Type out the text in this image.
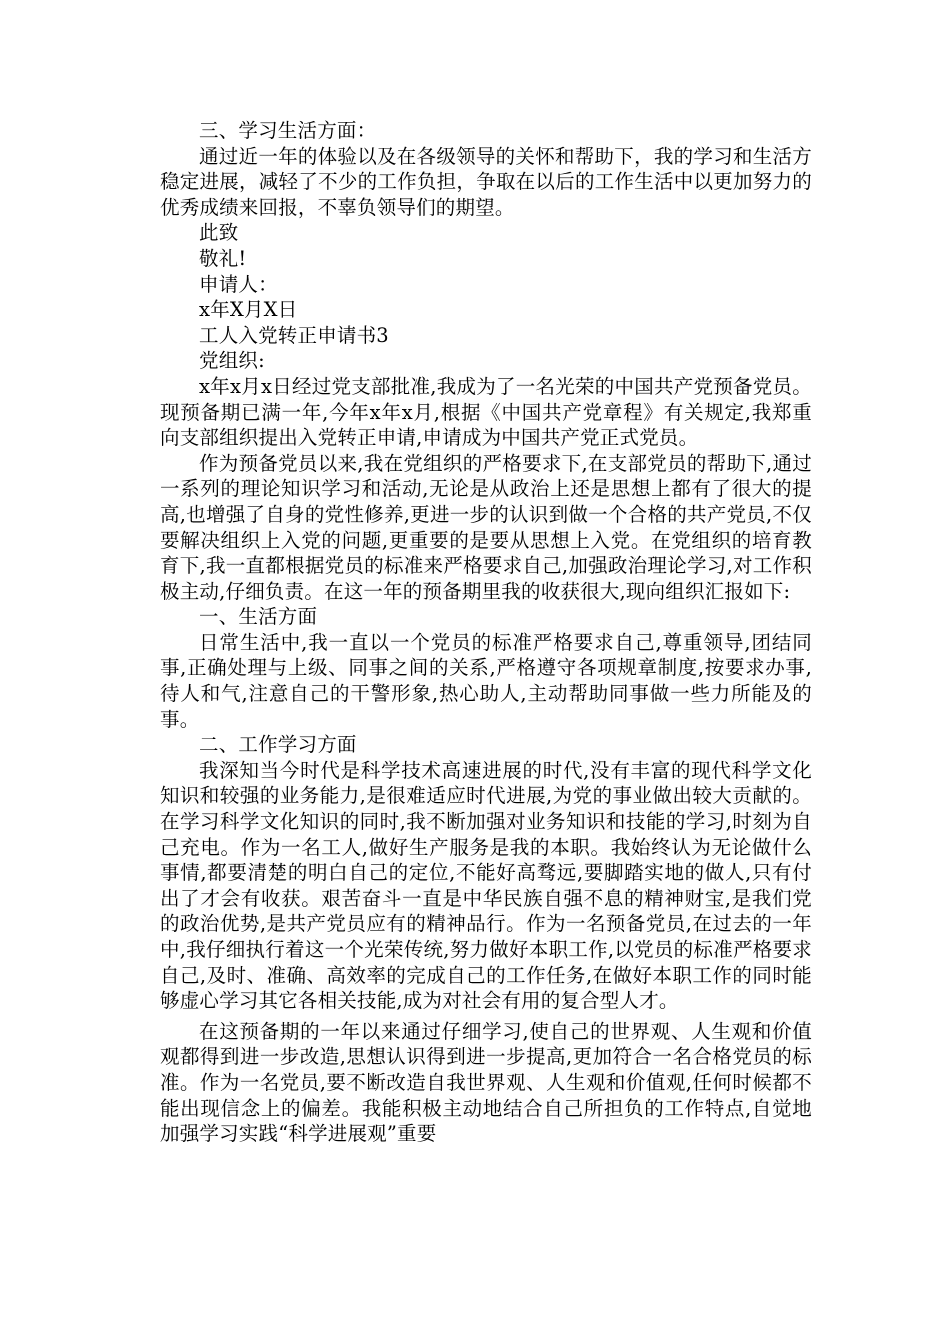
三、学习生活方面：

通过近一年的体验以及在各级领导的关怀和帮助下，我的学习和生活方稳定进展，减轻了不少的工作负担，争取在以后的工作生活中以更加努力的优秀成绩来回报，不辜负领导们的期望。

此致

敬礼!

申请人：

x年X月X日

工人入党转正申请书3

党组织:

x年x月x日经过党支部批准,我成为了一名光荣的中国共产党预备党员。现预备期已满一年,今年x年x月,根据《中国共产党章程》有关规定,我郑重向支部组织提出入党转正申请,申请成为中国共产党正式党员。

作为预备党员以来,我在党组织的严格要求下,在支部党员的帮助下,通过一系列的理论知识学习和活动,无论是从政治上还是思想上都有了很大的提高,也增强了自身的党性修养,更进一步的认识到做一个合格的共产党员,不仅要解决组织上入党的问题,更重要的是要从思想上入党。在党组织的培育教育下,我一直都根据党员的标准来严格要求自己,加强政治理论学习,对工作积极主动,仔细负责。在这一年的预备期里我的收获很大,现向组织汇报如下:

一、生活方面

日常生活中,我一直以一个党员的标准严格要求自己,尊重领导,团结同事,正确处理与上级、同事之间的关系,严格遵守各项规章制度,按要求办事,待人和气,注意自己的干警形象,热心助人,主动帮助同事做一些力所能及的事。

二、工作学习方面

我深知当今时代是科学技术高速进展的时代,没有丰富的现代科学文化知识和较强的业务能力,是很难适应时代进展,为党的事业做出较大贡献的。在学习科学文化知识的同时,我不断加强对业务知识和技能的学习,时刻为自己充电。作为一名工人,做好生产服务是我的本职。我始终认为无论做什么事情,都要清楚的明白自己的定位,不能好高骛远,要脚踏实地的做人,只有付出了才会有收获。艰苦奋斗一直是中华民族自强不息的精神财宝,是我们党的政治优势,是共产党员应有的精神品行。作为一名预备党员,在过去的一年中,我仔细执行着这一个光荣传统,努力做好本职工作,以党员的标准严格要求自己,及时、准确、高效率的完成自己的工作任务,在做好本职工作的同时能够虚心学习其它各相关技能,成为对社会有用的复合型人才。

在这预备期的一年以来通过仔细学习,使自己的世界观、人生观和价值观都得到进一步改造,思想认识得到进一步提高,更加符合一名合格党员的标准。作为一名党员,要不断改造自我世界观、人生观和价值观,任何时候都不能出现信念上的偏差。我能积极主动地结合自己所担负的工作特点,自觉地加强学习实践“科学进展观”重要
